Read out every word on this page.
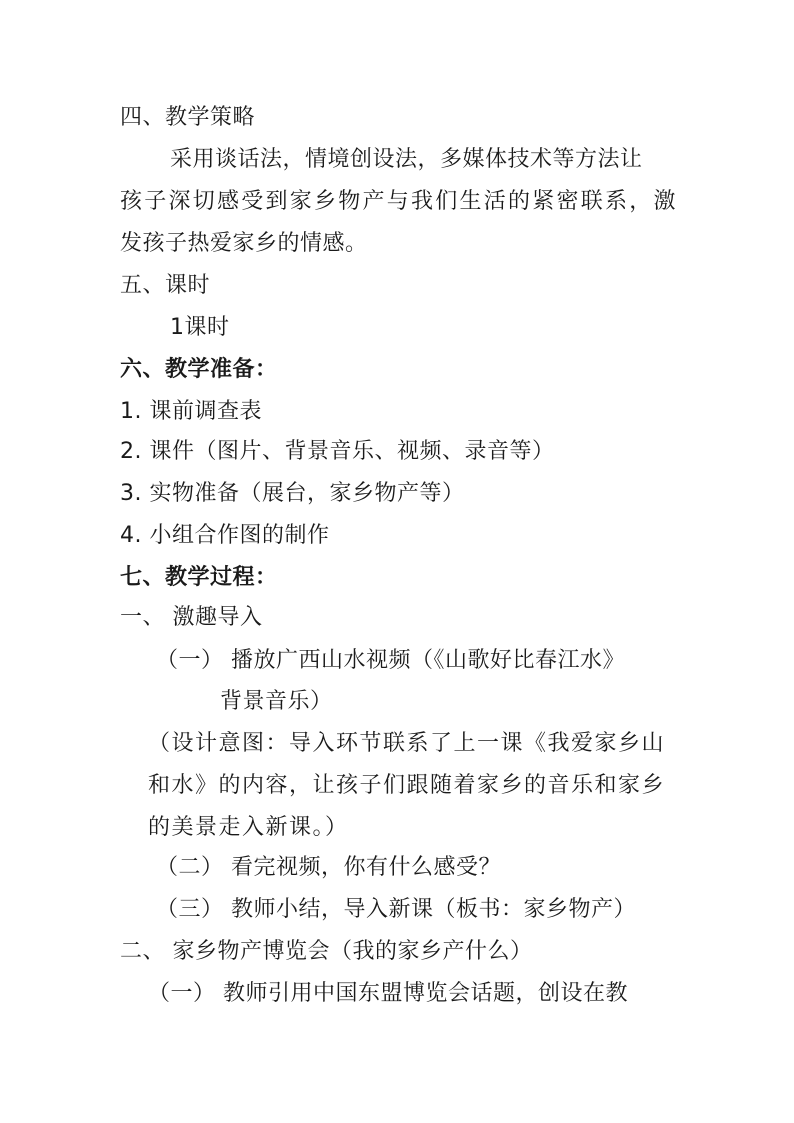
四、教学策略
采用谈话法，情境创设法，多媒体技术等方法让
孩子深切感受到家乡物产与我们生活的紧密联系，激
发孩子热爱家乡的情感。
五、课时
1课时
六、教学准备：
1. 课前调查表
2. 课件（图片、背景音乐、视频、录音等）
3. 实物准备（展台，家乡物产等）
4. 小组合作图的制作
七、教学过程：
一、 激趣导入
（一） 播放广西山水视频（《山歌好比春江水》
背景音乐）
（设计意图：导入环节联系了上一课《我爱家乡山
和水》的内容，让孩子们跟随着家乡的音乐和家乡
的美景走入新课。）
（二） 看完视频，你有什么感受？
（三） 教师小结，导入新课（板书：家乡物产）
二、 家乡物产博览会（我的家乡产什么）
（一） 教师引用中国东盟博览会话题，创设在教
